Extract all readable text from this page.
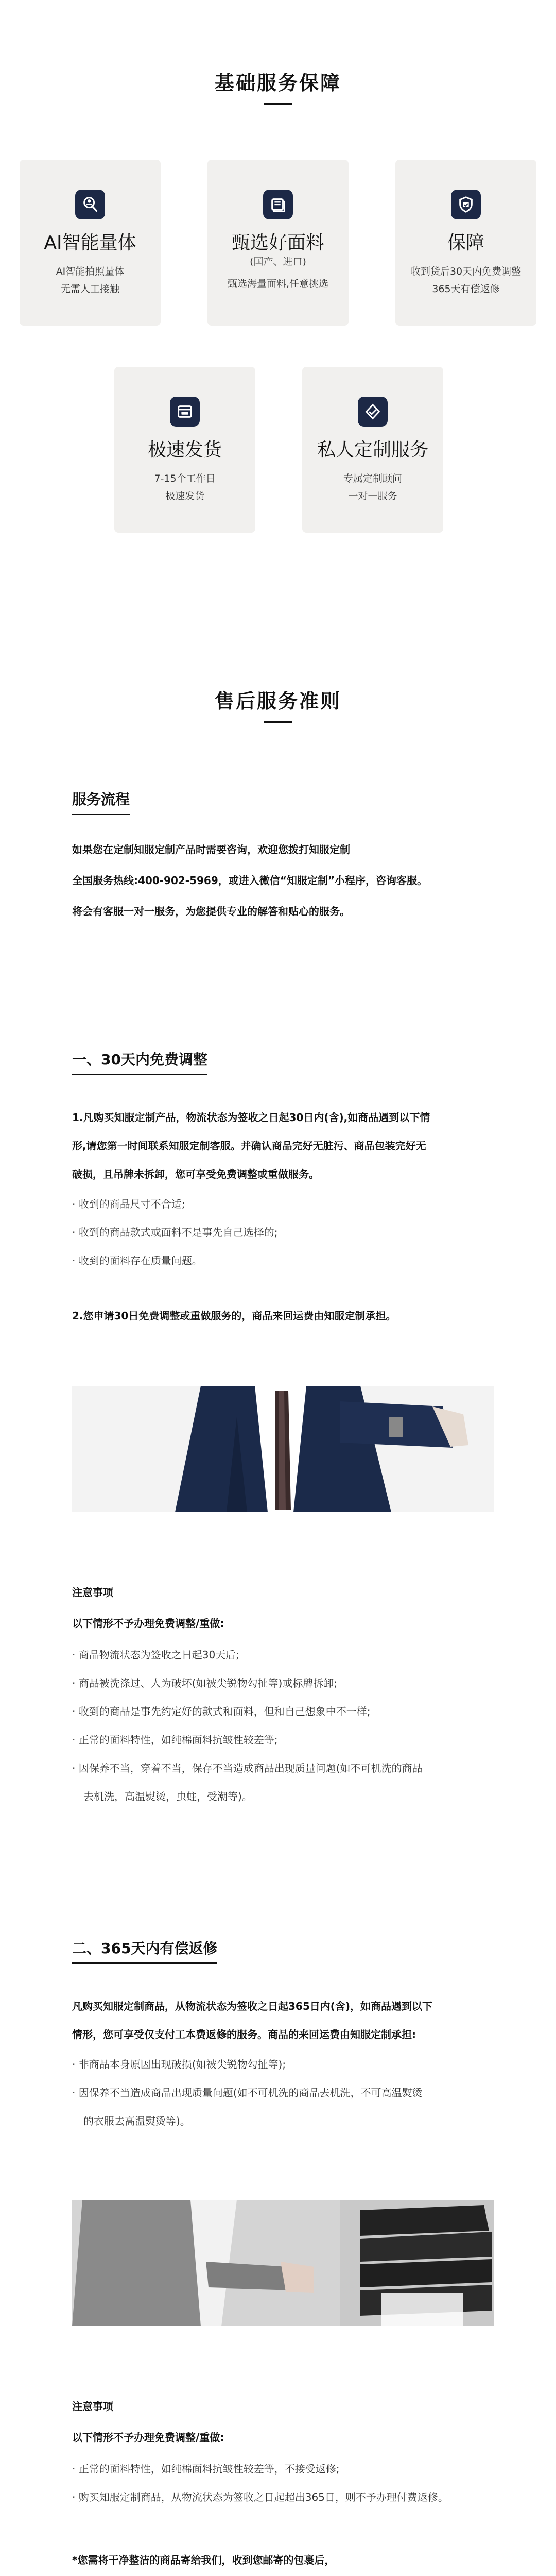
基础服务保障
AI智能量体
AI智能拍照量体
无需人工接触
甄选好面料
(国产、进口)
甄选海量面料,任意挑选
保障
收到货后30天内免费调整
365天有偿返修
极速发货
7-15个工作日
极速发货
私人定制服务
专属定制顾问
一对一服务
售后服务准则
服务流程
如果您在定制知服定制产品时需要咨询，欢迎您拨打知服定制
全国服务热线:400-902-5969，或进入微信“知服定制”小程序，咨询客服。
将会有客服一对一服务，为您提供专业的解答和贴心的服务。
一、30天内免费调整
1.凡购买知服定制产品，物流状态为签收之日起30日内(含),如商品遇到以下情
形,请您第一时间联系知服定制客服。并确认商品完好无脏污、商品包装完好无
破损，且吊牌未拆卸，您可享受免费调整或重做服务。
· 收到的商品尺寸不合适;
· 收到的商品款式或面料不是事先自己选择的;
· 收到的面料存在质量问题。
2.您申请30日免费调整或重做服务的，商品来回运费由知服定制承担。
注意事项
以下情形不予办理免费调整/重做:
· 商品物流状态为签收之日起30天后;
· 商品被洗涤过、人为破坏(如被尖锐物勾扯等)或标牌拆卸;
· 收到的商品是事先约定好的款式和面料，但和自己想象中不一样;
· 正常的面料特性，如纯棉面料抗皱性较差等;
· 因保养不当，穿着不当，保存不当造成商品出现质量问题(如不可机洗的商品
去机洗，高温熨烫，虫蛀，受潮等)。
二、365天内有偿返修
凡购买知服定制商品，从物流状态为签收之日起365日内(含)，如商品遇到以下
情形，您可享受仅支付工本费返修的服务。商品的来回运费由知服定制承担:
· 非商品本身原因出现破损(如被尖锐物勾扯等);
· 因保养不当造成商品出现质量问题(如不可机洗的商品去机洗，不可高温熨烫
的衣服去高温熨烫等)。
注意事项
以下情形不予办理免费调整/重做:
· 正常的面料特性，如纯棉面料抗皱性较差等，不接受返修;
· 购买知服定制商品，从物流状态为签收之日起超出365日，则不予办理付费返修。
*您需将干净整洁的商品寄给我们，收到您邮寄的包裹后，
